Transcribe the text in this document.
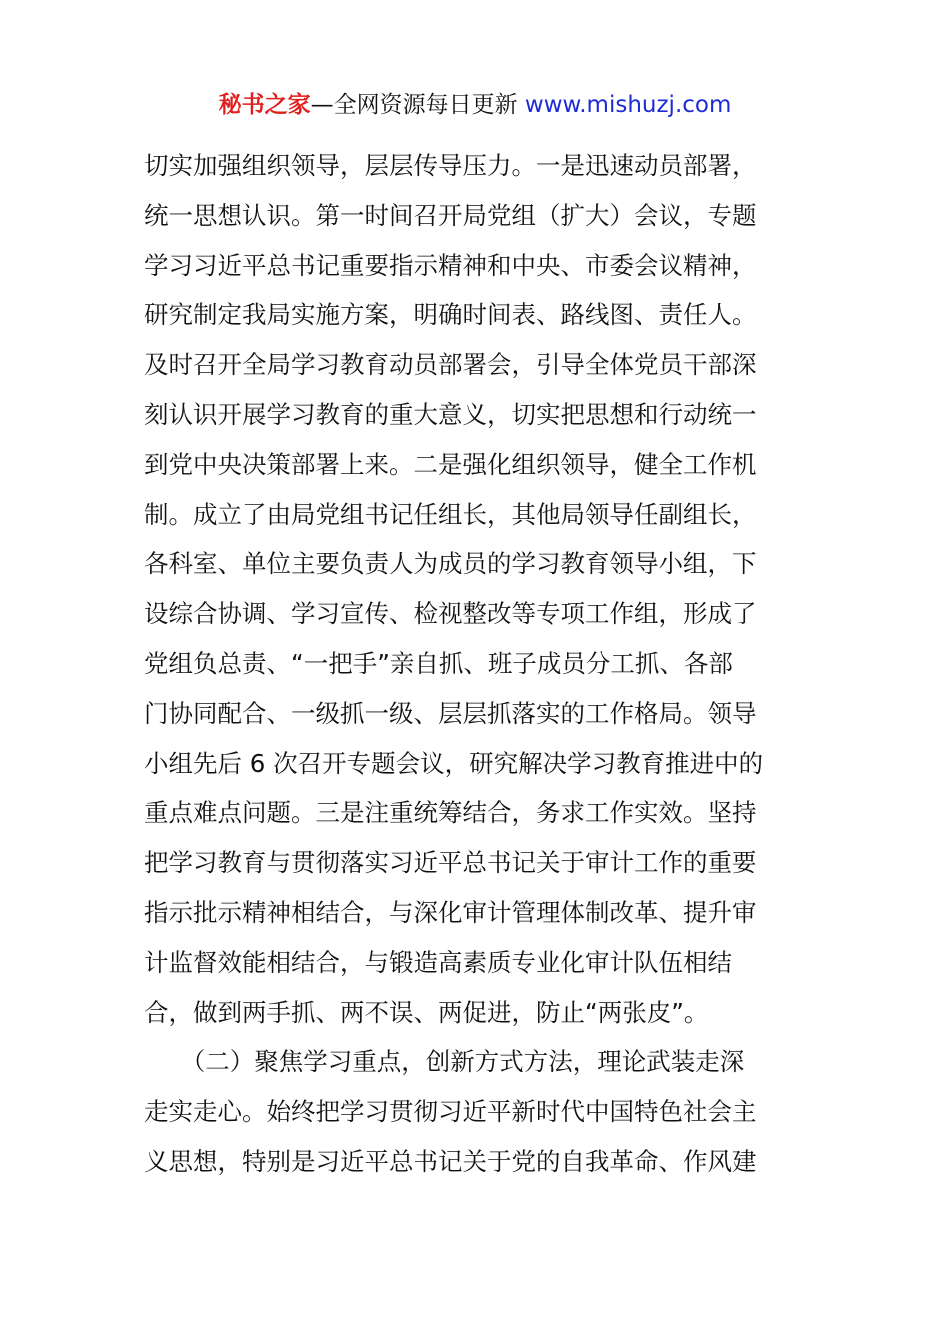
秘书之家—全网资源每日更新 www.mishuzj.com
切实加强组织领导，层层传导压力。一是迅速动员部署，
统一思想认识。第一时间召开局党组（扩大）会议，专题
学习习近平总书记重要指示精神和中央、市委会议精神，
研究制定我局实施方案，明确时间表、路线图、责任人。
及时召开全局学习教育动员部署会，引导全体党员干部深
刻认识开展学习教育的重大意义，切实把思想和行动统一
到党中央决策部署上来。二是强化组织领导，健全工作机
制。成立了由局党组书记任组长，其他局领导任副组长，
各科室、单位主要负责人为成员的学习教育领导小组，下
设综合协调、学习宣传、检视整改等专项工作组，形成了
党组负总责、“一把手”亲自抓、班子成员分工抓、各部
门协同配合、一级抓一级、层层抓落实的工作格局。领导
小组先后 6 次召开专题会议，研究解决学习教育推进中的
重点难点问题。三是注重统筹结合，务求工作实效。坚持
把学习教育与贯彻落实习近平总书记关于审计工作的重要
指示批示精神相结合，与深化审计管理体制改革、提升审
计监督效能相结合，与锻造高素质专业化审计队伍相结
合，做到两手抓、两不误、两促进，防止“两张皮”。
　　（二）聚焦学习重点，创新方式方法，理论武装走深
走实走心。始终把学习贯彻习近平新时代中国特色社会主
义思想，特别是习近平总书记关于党的自我革命、作风建
